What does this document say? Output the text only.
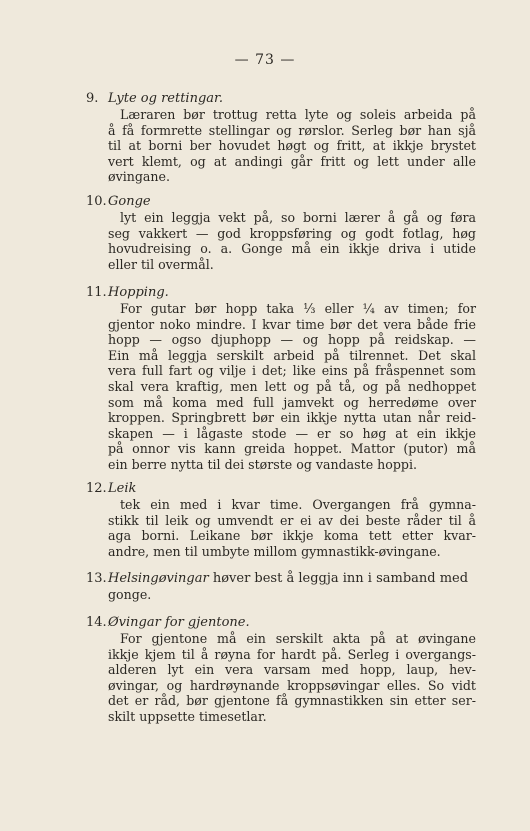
— 73 —
9. Lyte og rettingar.
Læraren bør trottug retta lyte og soleis arbeida på
å få formrette stellingar og rørslor. Serleg bør han sjå
til at borni ber hovudet høgt og fritt, at ikkje brystet
vert klemt, og at andingi går fritt og lett under alle
øvingane.
10.Gonge
lyt ein leggja vekt på, so borni lærer å gå og føra
seg vakkert — god kroppsføring og godt fotlag, høg
hovudreising o. a. Gonge må ein ikkje driva i utide
eller til overmål.
11.Hopping.
For gutar bør hopp taka ⅓ eller ¼ av timen; for
gjentor noko mindre. I kvar time bør det vera både frie
hopp — ogso djuphopp — og hopp på reidskap. —
Ein må leggja serskilt arbeid på tilrennet. Det skal
vera full fart og vilje i det; like eins på fråspennet som
skal vera kraftig, men lett og på tå, og på nedhoppet
som må koma med full jamvekt og herredøme over
kroppen. Springbrett bør ein ikkje nytta utan når reid-
skapen — i lågaste stode — er so høg at ein ikkje
på onnor vis kann greida hoppet. Mattor (putor) må
ein berre nytta til dei største og vandaste hoppi.
12.Leik
tek ein med i kvar time. Overgangen frå gymna-
stikk til leik og umvendt er ei av dei beste råder til å
aga borni. Leikane bør ikkje koma tett etter kvar-
andre, men til umbyte millom gymnastikk-øvingane.
13.Helsingøvingar høver best å leggja inn i samband med
gonge.
14.Øvingar for gjentone.
For gjentone må ein serskilt akta på at øvingane
ikkje kjem til å røyna for hardt på. Serleg i overgangs-
alderen lyt ein vera varsam med hopp, laup, hev-
øvingar, og hardrøynande kroppsøvingar elles. So vidt
det er råd, bør gjentone få gymnastikken sin etter ser-
skilt uppsette timesetlar.
